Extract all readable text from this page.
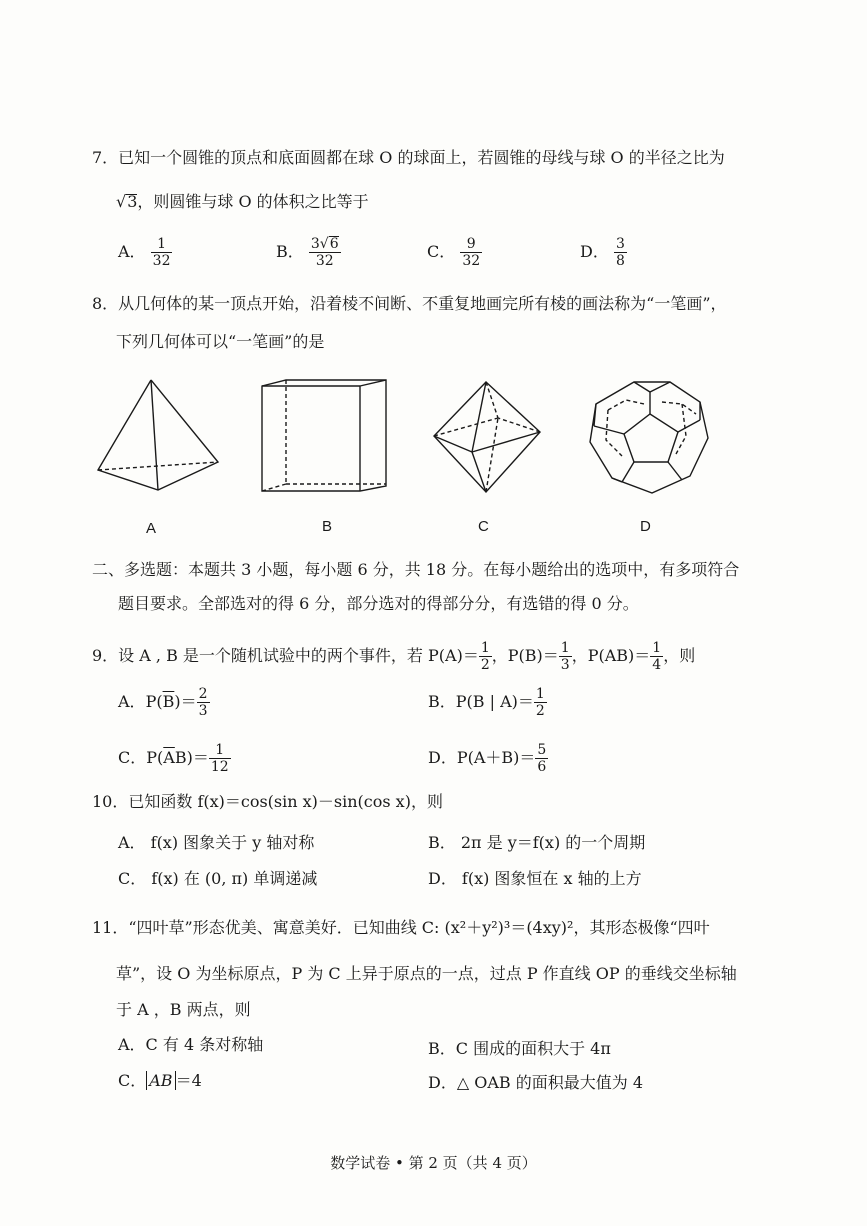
7．已知一个圆锥的顶点和底面圆都在球 O 的球面上，若圆锥的母线与球 O 的半径之比为
√3，则圆锥与球 O 的体积之比等于
A． $\frac{1}{32}$	B． $\frac{3√6}{32}$	C． $\frac{9}{32}$	D． $\frac{3}{8}$
8．从几何体的某一顶点开始，沿着棱不间断、不重复地画完所有棱的画法称为“一笔画”，
下列几何体可以“一笔画”的是
A	B	C	D
二、多选题：本题共 3 小题，每小题 6 分，共 18 分。在每小题给出的选项中，有多项符合
题目要求。全部选对的得 6 分，部分选对的得部分分，有选错的得 0 分。
9．设 A , B 是一个随机试验中的两个事件，若 $P(A)= \frac{1}{2}$ ，$P(B)= \frac{1}{3}$ ，$P(AB)= \frac{1}{4}$ ，则
A．$P(\overline{B})= \frac{2}{3}$	B．P(B | $A)= \frac{1}{2}$
C．$P(\overline{A}B)= \frac{1}{12}$	D．$P(A+B)= \frac{5}{6}$
10．已知函数 f(x)＝cos(sin x)－sin(cos x)，则
A． f(x) 图象关于 y 轴对称	B． 2π 是 y＝f(x) 的一个周期
C． f(x) 在 (0, π) 单调递减	D． f(x) 图象恒在 x 轴的上方
11．“四叶草”形态优美、寓意美好．已知曲线 C: (x²＋y²)³＝(4xy)²，其形态极像“四叶
草”，设 O 为坐标原点，P 为 C 上异于原点的一点，过点 P 作直线 OP 的垂线交坐标轴
于 A ，B 两点，则
A．C 有 4 条对称轴	B．C 围成的面积大于 4π
C． AB ＝4	D．△ OAB 的面积最大值为 4
数学试卷 • 第 2 页（共 4 页）
